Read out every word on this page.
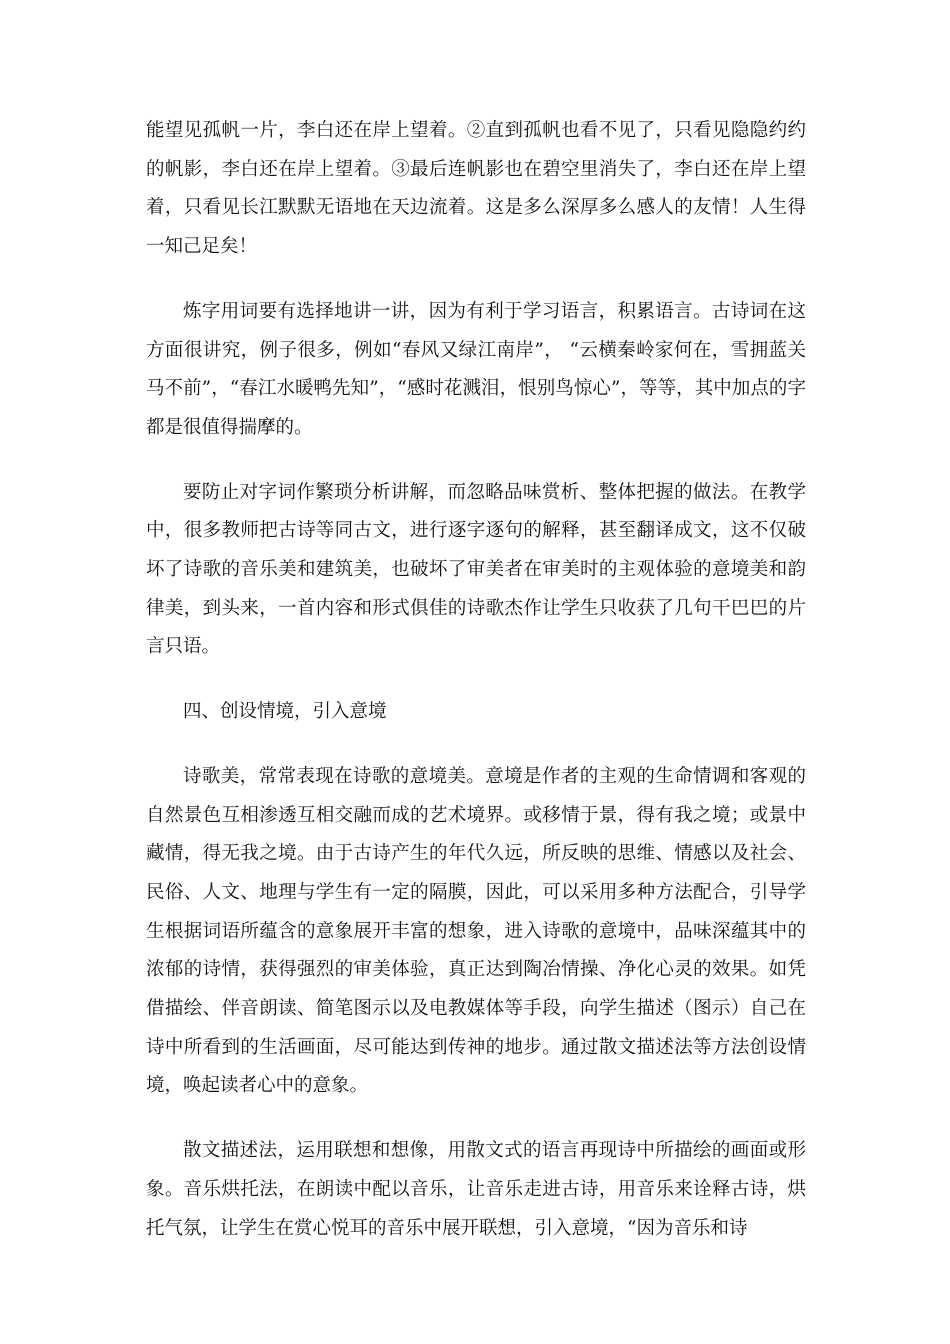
能望见孤帆一片，李白还在岸上望着。②直到孤帆也看不见了，只看见隐隐约约的帆影，李白还在岸上望着。③最后连帆影也在碧空里消失了，李白还在岸上望着，只看见长江默默无语地在天边流着。这是多么深厚多么感人的友情！人生得一知己足矣！

炼字用词要有选择地讲一讲，因为有利于学习语言，积累语言。古诗词在这方面很讲究，例子很多，例如“春风又绿江南岸”， “云横秦岭家何在，雪拥蓝关马不前”，“春江水暖鸭先知”，“感时花溅泪，恨别鸟惊心”，等等，其中加点的字都是很值得揣摩的。

要防止对字词作繁琐分析讲解，而忽略品味赏析、整体把握的做法。在教学中，很多教师把古诗等同古文，进行逐字逐句的解释，甚至翻译成文，这不仅破坏了诗歌的音乐美和建筑美，也破坏了审美者在审美时的主观体验的意境美和韵律美，到头来，一首内容和形式俱佳的诗歌杰作让学生只收获了几句干巴巴的片言只语。

四、创设情境，引入意境

诗歌美，常常表现在诗歌的意境美。意境是作者的主观的生命情调和客观的自然景色互相渗透互相交融而成的艺术境界。或移情于景，得有我之境；或景中藏情，得无我之境。由于古诗产生的年代久远，所反映的思维、情感以及社会、民俗、人文、地理与学生有一定的隔膜，因此，可以采用多种方法配合，引导学生根据词语所蕴含的意象展开丰富的想象，进入诗歌的意境中，品味深蕴其中的浓郁的诗情，获得强烈的审美体验，真正达到陶冶情操、净化心灵的效果。如凭借描绘、伴音朗读、简笔图示以及电教媒体等手段，向学生描述（图示）自己在诗中所看到的生活画面，尽可能达到传神的地步。通过散文描述法等方法创设情境，唤起读者心中的意象。

散文描述法，运用联想和想像，用散文式的语言再现诗中所描绘的画面或形象。音乐烘托法，在朗读中配以音乐，让音乐走进古诗，用音乐来诠释古诗，烘托气氛，让学生在赏心悦耳的音乐中展开联想，引入意境，“因为音乐和诗
